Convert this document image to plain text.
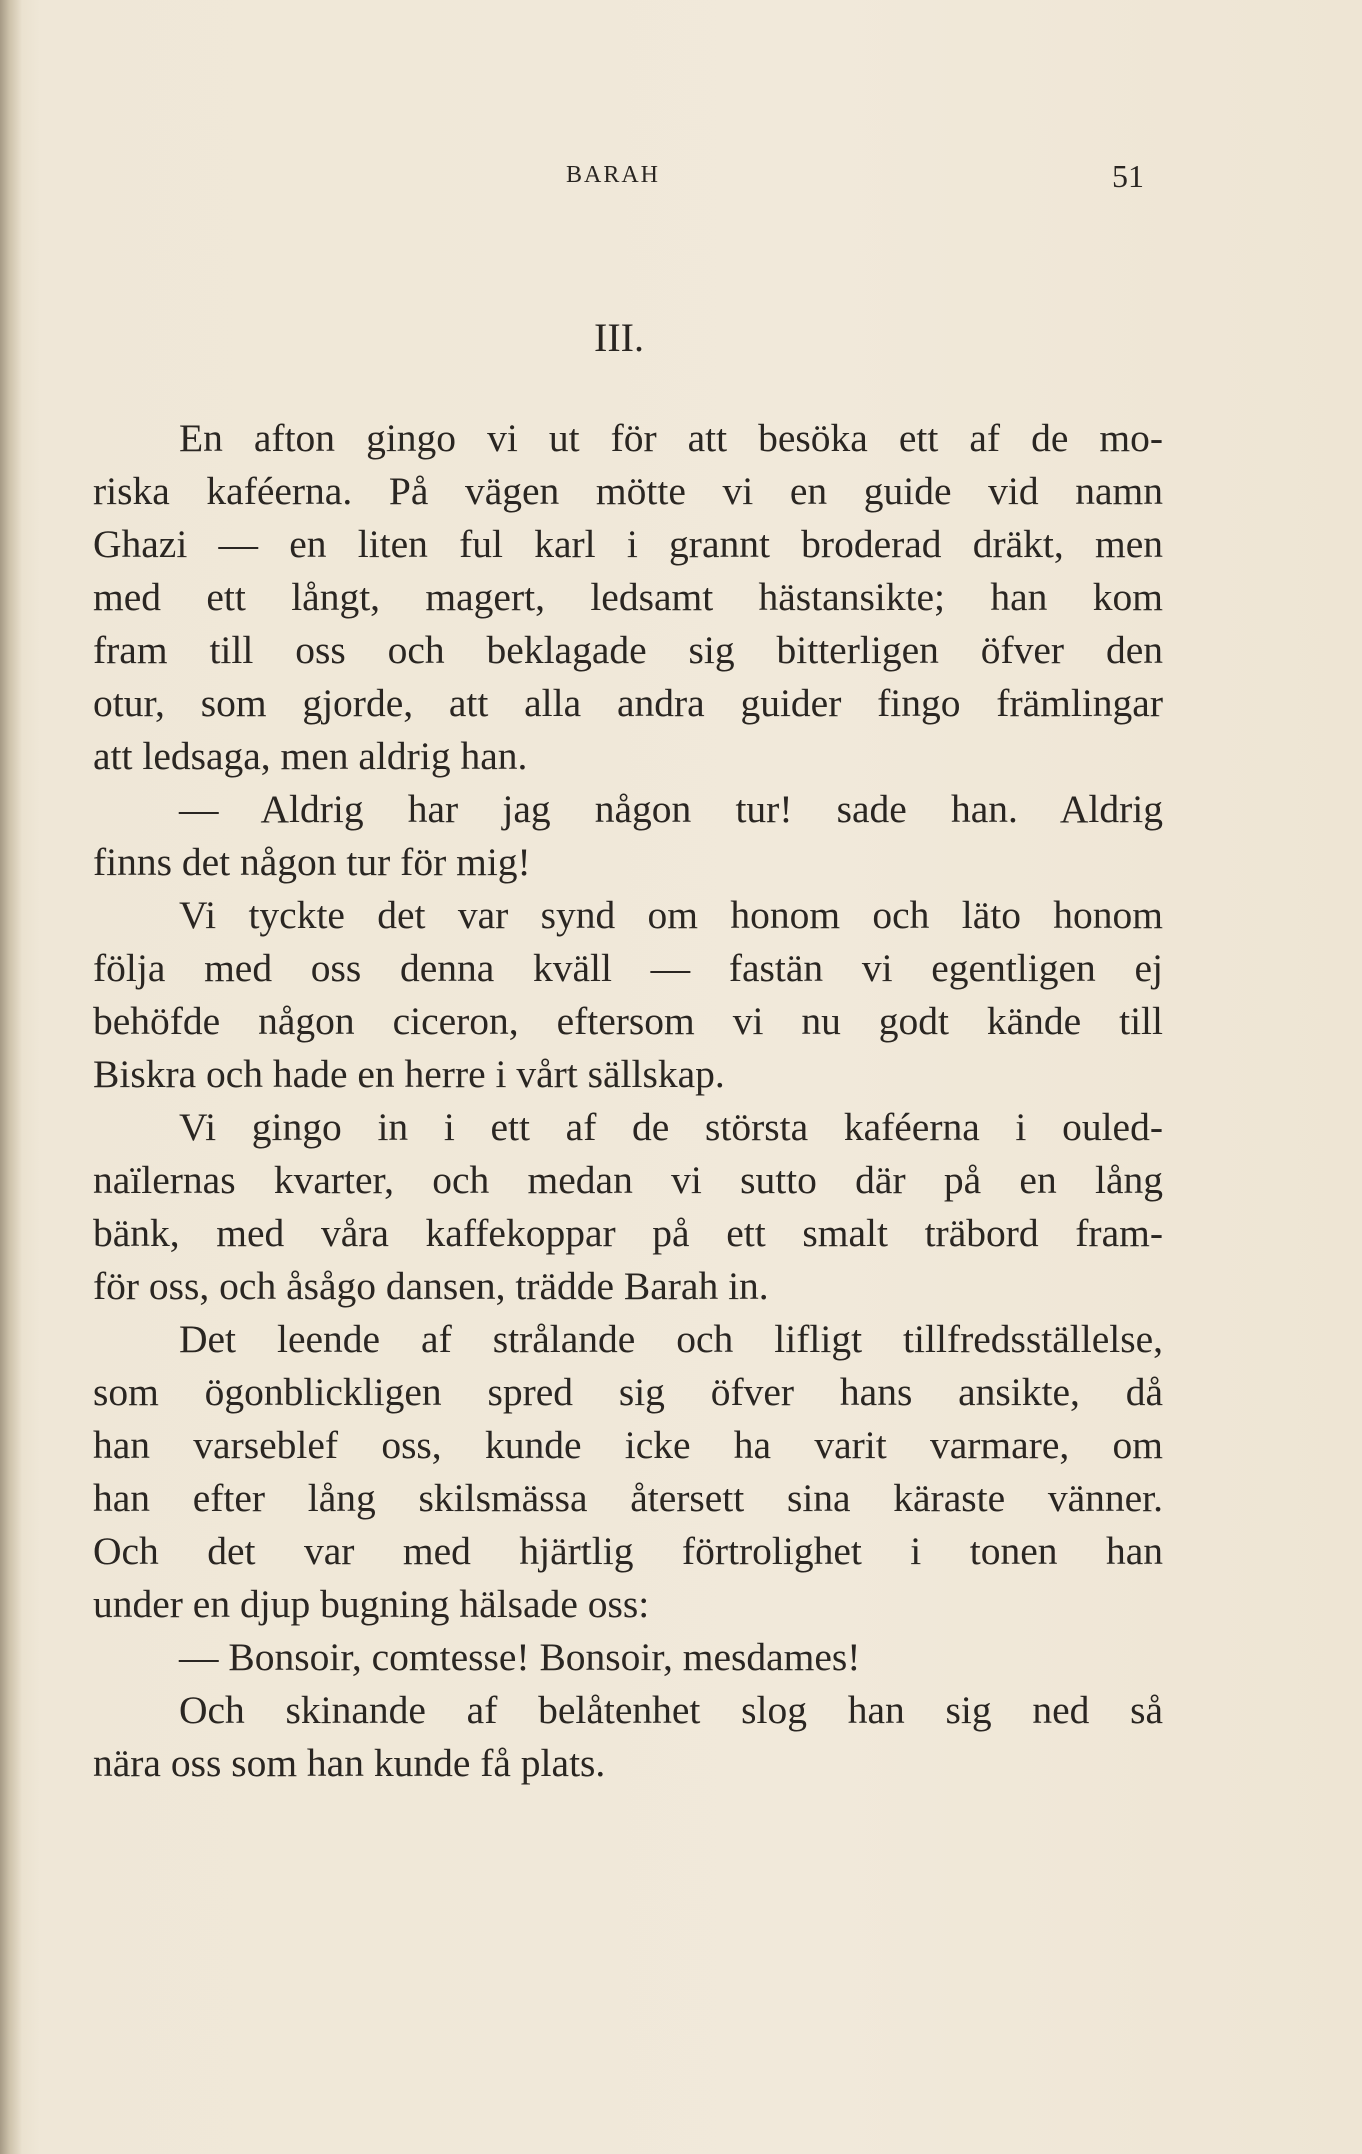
BARAH	51
III.
En afton gingo vi ut för att besöka ett af de mo-
riska kaféerna. På vägen mötte vi en guide vid namn
Ghazi — en liten ful karl i grannt broderad dräkt, men
med ett långt, magert, ledsamt hästansikte; han kom
fram till oss och beklagade sig bitterligen öfver den
otur, som gjorde, att alla andra guider fingo främlingar
att ledsaga, men aldrig han.
— Aldrig har jag någon tur! sade han. Aldrig
finns det någon tur för mig!
Vi tyckte det var synd om honom och läto honom
följa med oss denna kväll — fastän vi egentligen ej
behöfde någon ciceron, eftersom vi nu godt kände till
Biskra och hade en herre i vårt sällskap.
Vi gingo in i ett af de största kaféerna i ouled-
naïlernas kvarter, och medan vi sutto där på en lång
bänk, med våra kaffekoppar på ett smalt träbord fram-
för oss, och åsågo dansen, trädde Barah in.
Det leende af strålande och lifligt tillfredsställelse,
som ögonblickligen spred sig öfver hans ansikte, då
han varseblef oss, kunde icke ha varit varmare, om
han efter lång skilsmässa återsett sina käraste vänner.
Och det var med hjärtlig förtrolighet i tonen han
under en djup bugning hälsade oss:
— Bonsoir, comtesse! Bonsoir, mesdames!
Och skinande af belåtenhet slog han sig ned så
nära oss som han kunde få plats.
